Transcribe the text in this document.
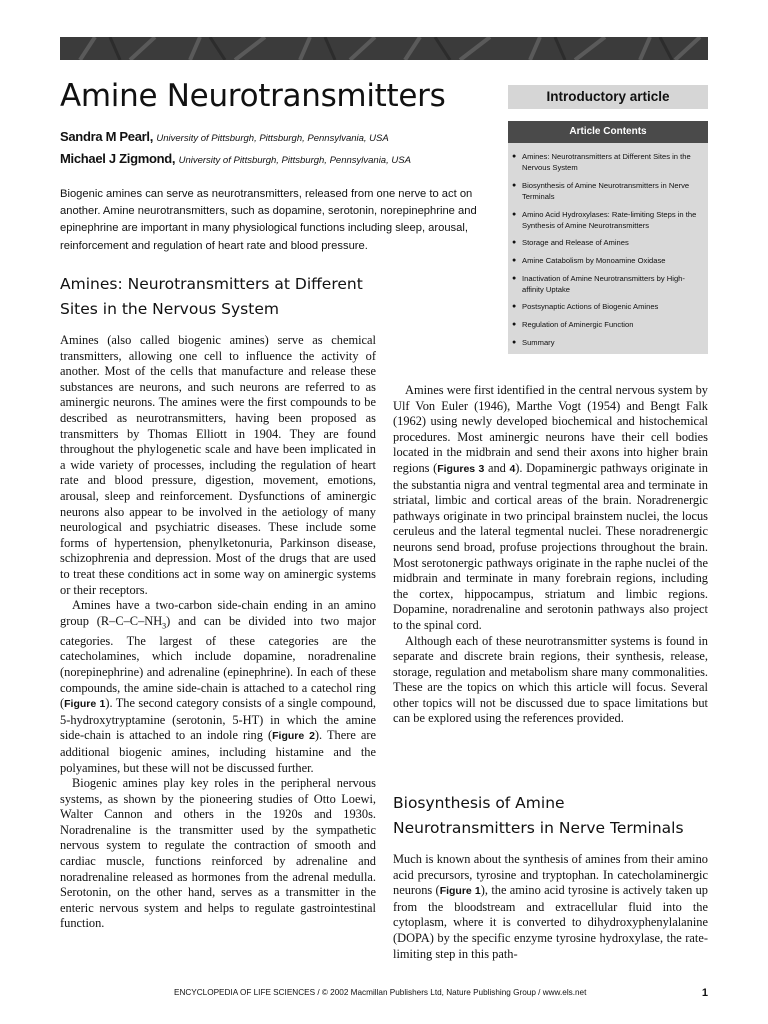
Amine Neurotransmitters
Sandra M Pearl, University of Pittsburgh, Pittsburgh, Pennsylvania, USA
Michael J Zigmond, University of Pittsburgh, Pittsburgh, Pennsylvania, USA

Biogenic amines can serve as neurotransmitters, released from one nerve to act on another. Amine neurotransmitters, such as dopamine, serotonin, norepinephrine and epinephrine are important in many physiological functions including sleep, arousal, reinforcement and regulation of heart rate and blood pressure.

Introductory article
Article Contents
● Amines: Neurotransmitters at Different Sites in the Nervous System
● Biosynthesis of Amine Neurotransmitters in Nerve Terminals
● Amino Acid Hydroxylases: Rate-limiting Steps in the Synthesis of Amine Neurotransmitters
● Storage and Release of Amines
● Amine Catabolism by Monoamine Oxidase
● Inactivation of Amine Neurotransmitters by High-affinity Uptake
● Postsynaptic Actions of Biogenic Amines
● Regulation of Aminergic Function
● Summary
Amines: Neurotransmitters at Different Sites in the Nervous System

Amines (also called biogenic amines) serve as chemical transmitters, allowing one cell to influence the activity of another. Most of the cells that manufacture and release these substances are neurons, and such neurons are referred to as aminergic neurons. The amines were the first compounds to be described as neurotransmitters, having been proposed as transmitters by Thomas Elliott in 1904. They are found throughout the phylogenetic scale and have been implicated in a wide variety of processes, including the regulation of heart rate and blood pressure, digestion, movement, emotions, arousal, sleep and reinforcement. Dysfunctions of aminergic neurons also appear to be involved in the aetiology of many neurological and psychiatric diseases. These include some forms of hypertension, phenylketonuria, Parkinson disease, schizophrenia and depression. Most of the drugs that are used to treat these conditions act in some way on aminergic systems or their receptors.

Amines have a two-carbon side-chain ending in an amino group $(R-C-C-NH_3)$ and can be divided into two major categories. The largest of these categories are the catecholamines, which include dopamine, noradrenaline (norepinephrine) and adrenaline (epinephrine). In each of these compounds, the amine side-chain is attached to a catechol ring (Figure 1). The second category consists of a single compound, 5-hydroxytryptamine (serotonin, 5-HT) in which the amine side-chain is attached to an indole ring (Figure 2). There are additional biogenic amines, including histamine and the polyamines, but these will not be discussed further.

Biogenic amines play key roles in the peripheral nervous systems, as shown by the pioneering studies of Otto Loewi, Walter Cannon and others in the 1920s and 1930s. Noradrenaline is the transmitter used by the sympathetic nervous system to regulate the contraction of smooth and cardiac muscle, functions reinforced by adrenaline and noradrenaline released as hormones from the adrenal medulla. Serotonin, on the other hand, serves as a transmitter in the enteric nervous system and helps to regulate gastrointestinal function.

Amines were first identified in the central nervous system by Ulf Von Euler (1946), Marthe Vogt (1954) and Bengt Falk (1962) using newly developed biochemical and histochemical procedures. Most aminergic neurons have their cell bodies located in the midbrain and send their axons into higher brain regions (Figures 3 and 4). Dopaminergic pathways originate in the substantia nigra and ventral tegmental area and terminate in striatal, limbic and cortical areas of the brain. Noradrenergic pathways originate in two principal brainstem nuclei, the locus ceruleus and the lateral tegmental nuclei. These noradrenergic neurons send broad, profuse projections throughout the brain. Most serotonergic pathways originate in the raphe nuclei of the midbrain and terminate in many forebrain regions, including the cortex, hippocampus, striatum and limbic regions. Dopamine, noradrenaline and serotonin pathways also project to the spinal cord.

Although each of these neurotransmitter systems is found in separate and discrete brain regions, their synthesis, release, storage, regulation and metabolism share many commonalities. These are the topics on which this article will focus. Several other topics will not be discussed due to space limitations but can be explored using the references provided.

Biosynthesis of Amine Neurotransmitters in Nerve Terminals

Much is known about the synthesis of amines from their amino acid precursors, tyrosine and tryptophan. In catecholaminergic neurons (Figure 1), the amino acid tyrosine is actively taken up from the bloodstream and extracellular fluid into the cytoplasm, where it is converted to dihydroxyphenylalanine (DOPA) by the specific enzyme tyrosine hydroxylase, the rate-limiting step in this path-

ENCYCLOPEDIA OF LIFE SCIENCES / © 2002 Macmillan Publishers Ltd, Nature Publishing Group / www.els.net	1
